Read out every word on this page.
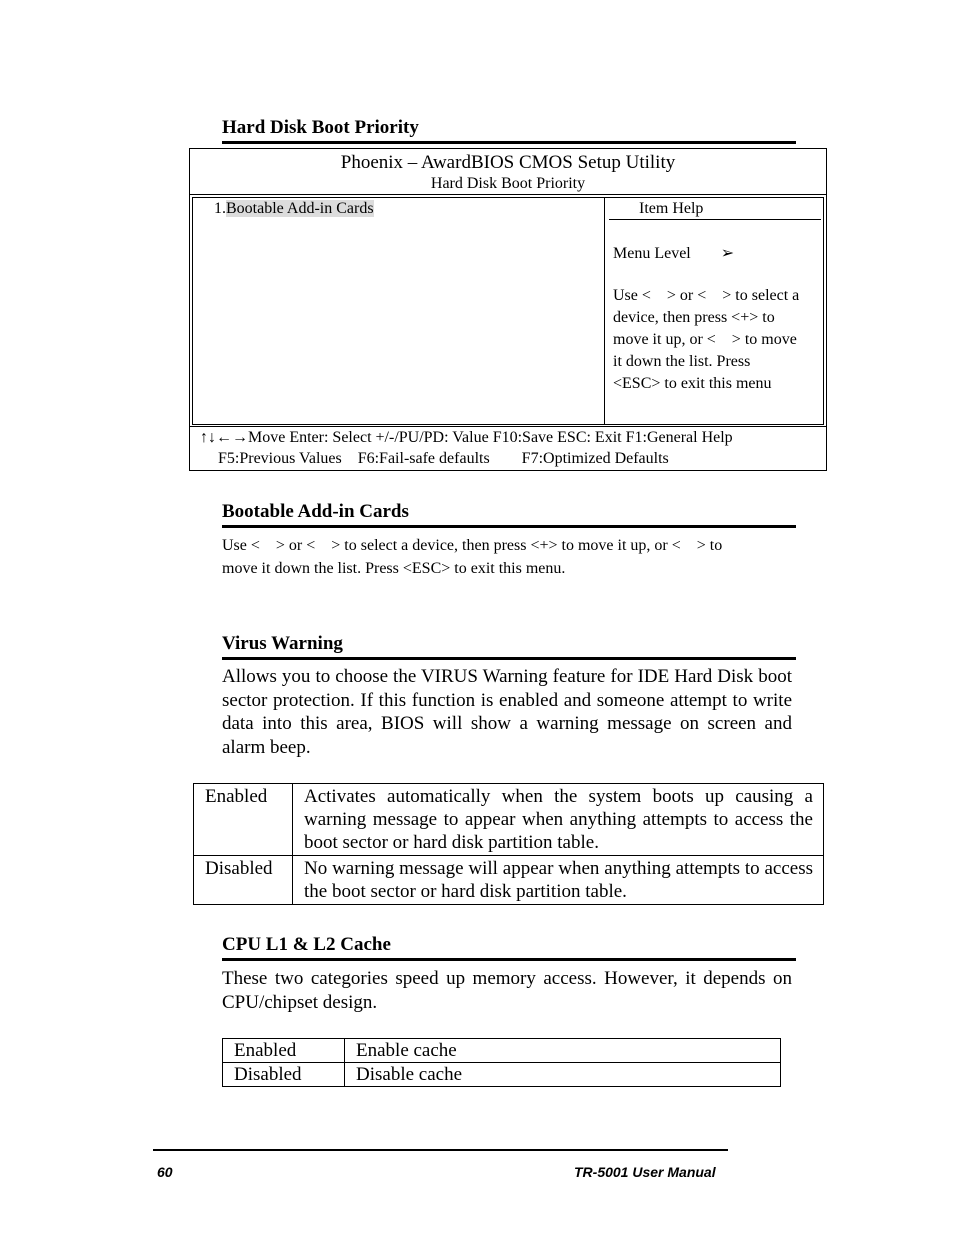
Hard Disk Boot Priority
Phoenix – AwardBIOS CMOS Setup Utility
Hard Disk Boot Priority
1.Bootable Add-in Cards	Item Help
Menu Level ➢
Use <    > or <    > to select a
device, then press <+> to
move it up, or <    > to move
it down the list. Press
<ESC> to exit this menu
↑↓←→Move Enter: Select +/-/PU/PD: Value F10:Save ESC: Exit F1:General Help
F5:Previous Values    F6:Fail-safe defaults        F7:Optimized Defaults
Bootable Add-in Cards
Use <    > or <    > to select a device, then press <+> to move it up, or <    > to
move it down the list. Press <ESC> to exit this menu.
Virus Warning
Allows you to choose the VIRUS Warning feature for IDE Hard Disk boot sector protection. If this function is enabled and someone attempt to write data into this area, BIOS will show a warning message on screen and alarm beep.
Enabled	Activates automatically when the system boots up causing a warning message to appear when anything attempts to access the boot sector or hard disk partition table.
Disabled	No warning message will appear when anything attempts to access the boot sector or hard disk partition table.
CPU L1 & L2 Cache
These two categories speed up memory access. However, it depends on CPU/chipset design.
Enabled	Enable cache
Disabled	Disable cache
60	TR-5001 User Manual
